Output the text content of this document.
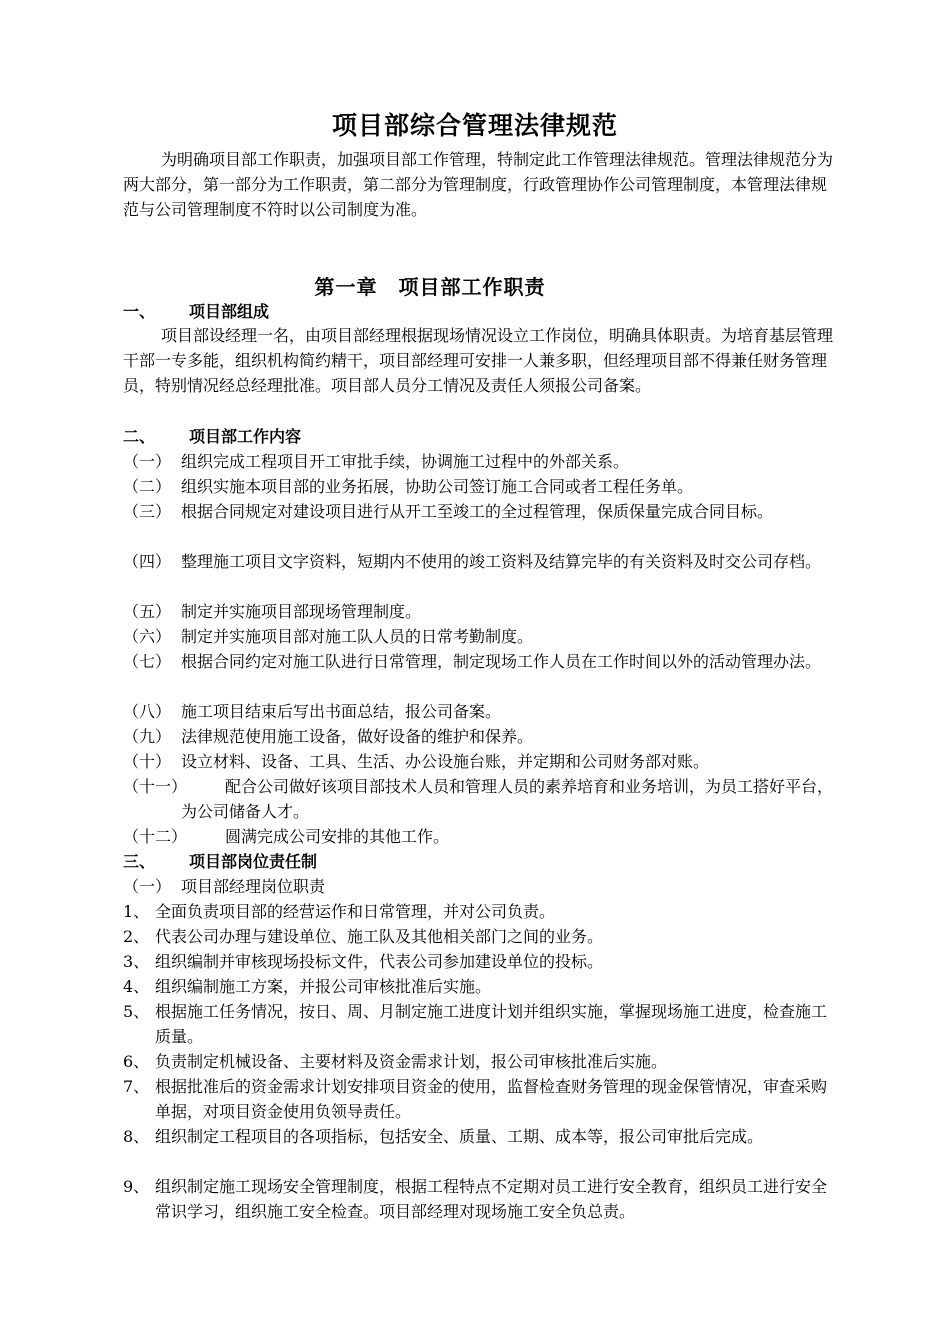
项目部综合管理法律规范
为明确项目部工作职责，加强项目部工作管理，特制定此工作管理法律规范。管理法律规范分为两大部分，第一部分为工作职责，第二部分为管理制度，行政管理协作公司管理制度，本管理法律规范与公司管理制度不符时以公司制度为准。
第一章　项目部工作职责
一、 项目部组成
项目部设经理一名，由项目部经理根据现场情况设立工作岗位，明确具体职责。为培育基层管理干部一专多能，组织机构简约精干，项目部经理可安排一人兼多职，但经理项目部不得兼任财务管理员，特别情况经总经理批准。项目部人员分工情况及责任人须报公司备案。
二、 项目部工作内容
（一） 组织完成工程项目开工审批手续，协调施工过程中的外部关系。
（二） 组织实施本项目部的业务拓展，协助公司签订施工合同或者工程任务单。
（三） 根据合同规定对建设项目进行从开工至竣工的全过程管理，保质保量完成合同目标。
（四） 整理施工项目文字资料，短期内不使用的竣工资料及结算完毕的有关资料及时交公司存档。
（五） 制定并实施项目部现场管理制度。
（六） 制定并实施项目部对施工队人员的日常考勤制度。
（七） 根据合同约定对施工队进行日常管理，制定现场工作人员在工作时间以外的活动管理办法。
（八） 施工项目结束后写出书面总结，报公司备案。
（九） 法律规范使用施工设备，做好设备的维护和保养。
（十） 设立材料、设备、工具、生活、办公设施台账，并定期和公司财务部对账。
（十一）	配合公司做好该项目部技术人员和管理人员的素养培育和业务培训，为员工搭好平台，为公司储备人才。
（十二）	圆满完成公司安排的其他工作。
三、 项目部岗位责任制
（一） 项目部经理岗位职责
1、 全面负责项目部的经营运作和日常管理，并对公司负责。
2、 代表公司办理与建设单位、施工队及其他相关部门之间的业务。
3、 组织编制并审核现场投标文件，代表公司参加建设单位的投标。
4、 组织编制施工方案，并报公司审核批准后实施。
5、 根据施工任务情况，按日、周、月制定施工进度计划并组织实施，掌握现场施工进度，检查施工质量。
6、 负责制定机械设备、主要材料及资金需求计划，报公司审核批准后实施。
7、 根据批准后的资金需求计划安排项目资金的使用，监督检查财务管理的现金保管情况，审查采购单据，对项目资金使用负领导责任。
8、 组织制定工程项目的各项指标，包括安全、质量、工期、成本等，报公司审批后完成。
9、 组织制定施工现场安全管理制度，根据工程特点不定期对员工进行安全教育，组织员工进行安全常识学习，组织施工安全检查。项目部经理对现场施工安全负总责。
